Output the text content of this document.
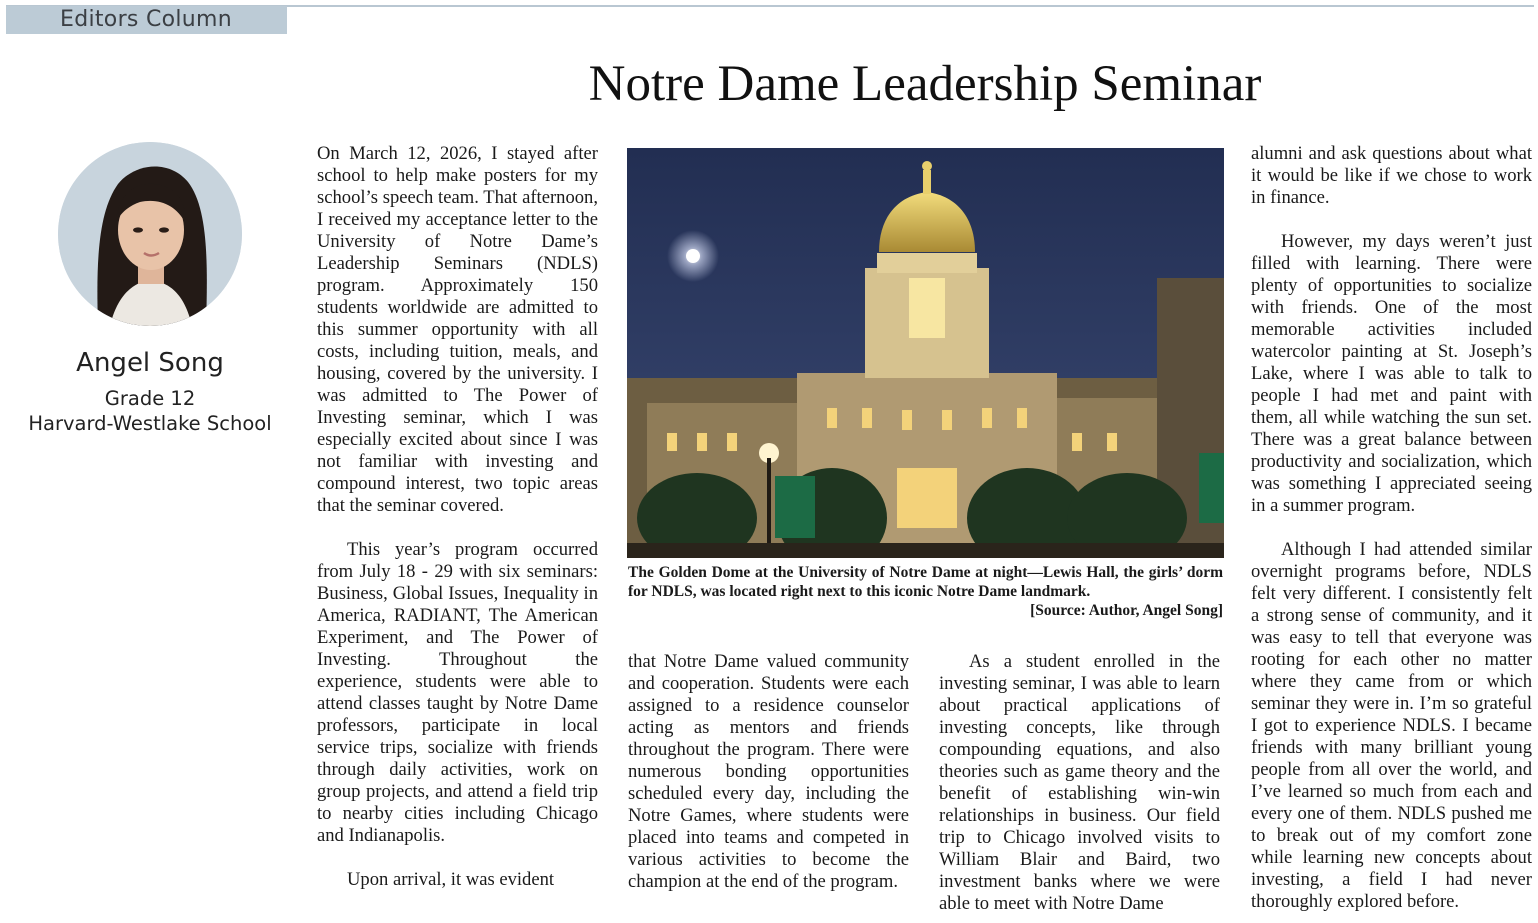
Editors Column
Notre Dame Leadership Seminar
Angel Song
Grade 12
Harvard-Westlake School

On March 12, 2026, I stayed after school to help make posters for my school’s speech team. That afternoon, I received my acceptance letter to the University of Notre Dame’s Leadership Seminars (NDLS) program. Approximately 150 students worldwide are admitted to this summer opportunity with all costs, including tuition, meals, and housing, covered by the university. I was admitted to The Power of Investing seminar, which I was especially excited about since I was not familiar with investing and compound interest, two topic areas that the seminar covered.

This year’s program occurred from July 18 - 29 with six seminars: Business, Global Issues, Inequality in America, RADIANT, The American Experiment, and The Power of Investing. Throughout the experience, students were able to attend classes taught by Notre Dame professors, participate in local service trips, socialize with friends through daily activities, work on group projects, and attend a field trip to nearby cities including Chicago and Indianapolis.

Upon arrival, it was evident

The Golden Dome at the University of Notre Dame at night—Lewis Hall, the girls’ dorm for NDLS, was located right next to this iconic Notre Dame landmark.
[Source: Author, Angel Song]

that Notre Dame valued community and cooperation. Students were each assigned to a residence counselor acting as mentors and friends throughout the program. There were numerous bonding opportunities scheduled every day, including the Notre Games, where students were placed into teams and competed in various activities to become the champion at the end of the program.

As a student enrolled in the investing seminar, I was able to learn about practical applications of investing concepts, like through compounding equations, and also theories such as game theory and the benefit of establishing win-win relationships in business. Our field trip to Chicago involved visits to William Blair and Baird, two investment banks where we were able to meet with Notre Dame

alumni and ask questions about what it would be like if we chose to work in finance.

However, my days weren’t just filled with learning. There were plenty of opportunities to socialize with friends. One of the most memorable activities included watercolor painting at St. Joseph’s Lake, where I was able to talk to people I had met and paint with them, all while watching the sun set. There was a great balance between productivity and socialization, which was something I appreciated seeing in a summer program.

Although I had attended similar overnight programs before, NDLS felt very different. I consistently felt a strong sense of community, and it was easy to tell that everyone was rooting for each other no matter where they came from or which seminar they were in. I’m so grateful I got to experience NDLS. I became friends with many brilliant young people from all over the world, and I’ve learned so much from each and every one of them. NDLS pushed me to break out of my comfort zone while learning new concepts about investing, a field I had never thoroughly explored before.
